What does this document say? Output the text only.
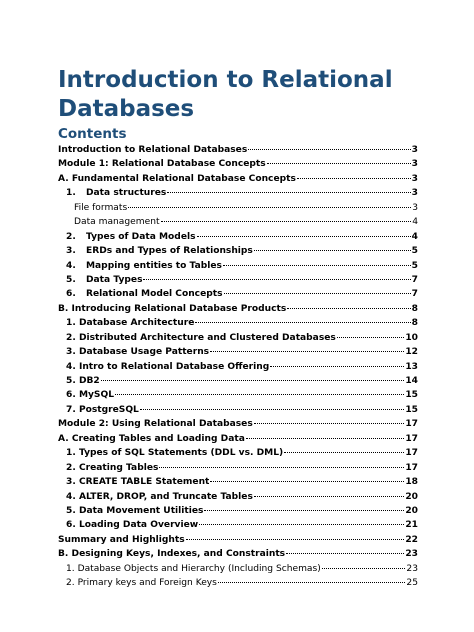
Introduction to Relational
Databases
Contents
Introduction to Relational Databases	3
Module 1: Relational Database Concepts	3
A. Fundamental Relational Database Concepts	3
1.	Data structures	3
File formats	3
Data management	4
2.	Types of Data Models	4
3.	ERDs and Types of Relationships	5
4.	Mapping entities to Tables	5
5.	Data Types	7
6.	Relational Model Concepts	7
B. Introducing Relational Database Products	8
1. Database Architecture	8
2. Distributed Architecture and Clustered Databases	10
3. Database Usage Patterns	12
4. Intro to Relational Database Offering	13
5. DB2	14
6. MySQL	15
7. PostgreSQL	15
Module 2: Using Relational Databases	17
A. Creating Tables and Loading Data	17
1. Types of SQL Statements (DDL vs. DML)	17
2. Creating Tables	17
3. CREATE TABLE Statement	18
4. ALTER, DROP, and Truncate Tables	20
5. Data Movement Utilities	20
6. Loading Data Overview	21
Summary and Highlights	22
B. Designing Keys, Indexes, and Constraints	23
1. Database Objects and Hierarchy (Including Schemas)	23
2. Primary keys and Foreign Keys	25
